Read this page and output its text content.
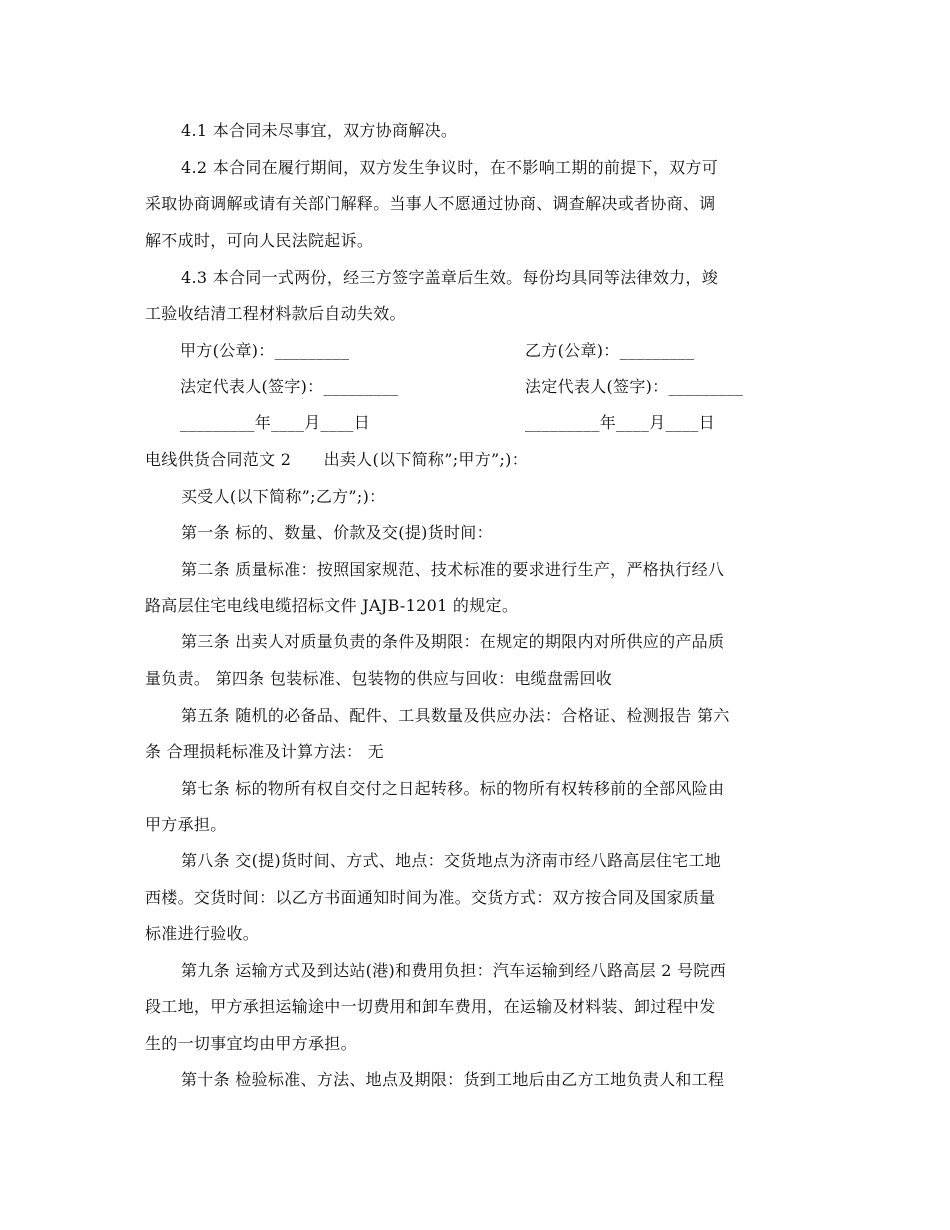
4.1 本合同未尽事宜，双方协商解决。
4.2 本合同在履行期间，双方发生争议时，在不影响工期的前提下，双方可
采取协商调解或请有关部门解释。当事人不愿通过协商、调查解决或者协商、调
解不成时，可向人民法院起诉。
4.3 本合同一式两份，经三方签字盖章后生效。每份均具同等法律效力，竣
工验收结清工程材料款后自动失效。
甲方(公章)：_________	乙方(公章)：_________
法定代表人(签字)：_________	法定代表人(签字)：_________
_________年____月____日	_________年____月____日
电线供货合同范文 2      出卖人(以下简称”;甲方”;)：
买受人(以下简称”;乙方”;)：
第一条 标的、数量、价款及交(提)货时间：
第二条 质量标准：按照国家规范、技术标准的要求进行生产，严格执行经八
路高层住宅电线电缆招标文件 JAJB-1201 的规定。
第三条 出卖人对质量负责的条件及期限：在规定的期限内对所供应的产品质
量负责。 第四条 包装标准、包装物的供应与回收：电缆盘需回收
第五条 随机的必备品、配件、工具数量及供应办法：合格证、检测报告 第六
条 合理损耗标准及计算方法： 无
第七条 标的物所有权自交付之日起转移。标的物所有权转移前的全部风险由
甲方承担。
第八条 交(提)货时间、方式、地点：交货地点为济南市经八路高层住宅工地
西楼。交货时间：以乙方书面通知时间为准。交货方式：双方按合同及国家质量
标准进行验收。
第九条 运输方式及到达站(港)和费用负担：汽车运输到经八路高层 2 号院西
段工地，甲方承担运输途中一切费用和卸车费用，在运输及材料装、卸过程中发
生的一切事宜均由甲方承担。
第十条 检验标准、方法、地点及期限：货到工地后由乙方工地负责人和工程
